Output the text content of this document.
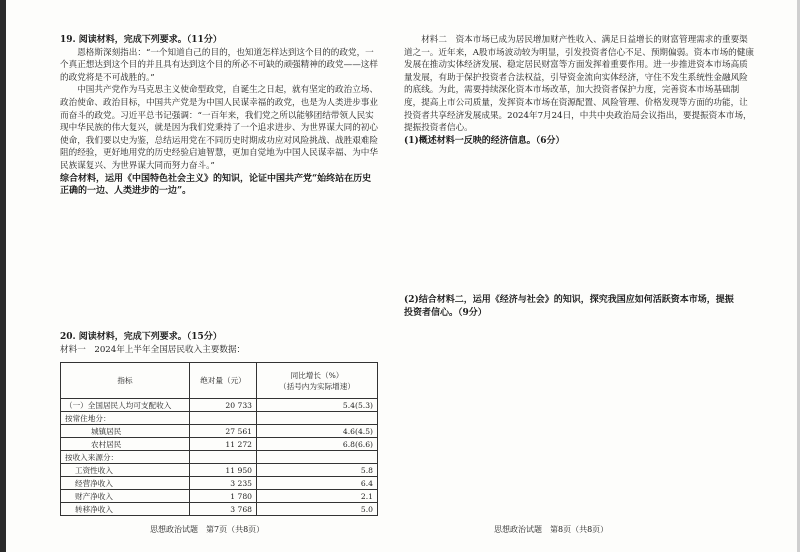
19. 阅读材料，完成下列要求。（11分）

恩格斯深刻指出：“一个知道自己的目的，也知道怎样达到这个目的的政党，一个真正想达到这个目的并且具有达到这个目的所必不可缺的顽强精神的政党——这样的政党将是不可战胜的。”

中国共产党作为马克思主义使命型政党，自诞生之日起，就有坚定的政治立场、政治使命、政治目标，中国共产党是为中国人民谋幸福的政党，也是为人类进步事业而奋斗的政党。习近平总书记强调：“一百年来，我们党之所以能够团结带领人民实现中华民族的伟大复兴，就是因为我们党秉持了一个追求进步、为世界谋大同的初心使命，我们要以史为鉴，总结运用党在不同历史时期成功应对风险挑战、战胜艰难险阻的经验，更好地用党的历史经验启迪智慧，更加自觉地为中国人民谋幸福、为中华民族谋复兴、为世界谋大同而努力奋斗。”

综合材料，运用《中国特色社会主义》的知识，论证中国共产党“始终站在历史正确的一边、人类进步的一边”。

20. 阅读材料，完成下列要求。（15分）

材料一　2024年上半年全国居民收入主要数据：

指标	绝对量（元）	同比增长（%）
（括号内为实际增速）

（一）全国居民人均可支配收入	20 733	5.4(5.3)
按常住地分：		
城镇居民	27 561	4.6(4.5)
农村居民	11 272	6.8(6.6)
按收入来源分：		
工资性收入	11 950	5.8
经营净收入	3 235	6.4
财产净收入	1 780	2.1
转移净收入	3 768	5.0

材料二　资本市场已成为居民增加财产性收入、满足日益增长的财富管理需求的重要渠道之一。近年来，A股市场波动较为明显，引发投资者信心不足、预期偏弱。资本市场的健康发展在推动实体经济发展、稳定居民财富等方面发挥着重要作用。进一步推进资本市场高质量发展，有助于保护投资者合法权益，引导资金流向实体经济，守住不发生系统性金融风险的底线。为此，需要持续深化资本市场改革，加大投资者保护力度，完善资本市场基础制度，提高上市公司质量，发挥资本市场在资源配置、风险管理、价格发现等方面的功能，让投资者共享经济发展成果。2024年7月24日，中共中央政治局会议指出，要提振资本市场，提振投资者信心。

(1)概述材料一反映的经济信息。（6分）

(2)结合材料二，运用《经济与社会》的知识，探究我国应如何活跃资本市场，提振投资者信心。（9分）

思想政治试题　第7页（共8页）	思想政治试题　第8页（共8页）
